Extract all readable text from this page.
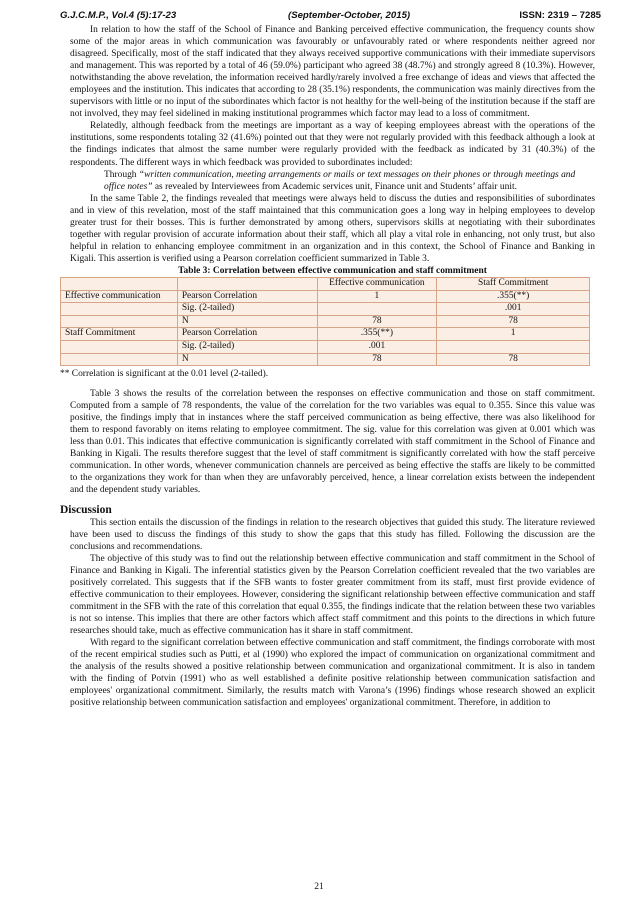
G.J.C.M.P., Vol.4 (5):17-23	(September-October, 2015)	ISSN: 2319 – 7285

In relation to how the staff of the School of Finance and Banking perceived effective communication, the frequency counts show some of the major areas in which communication was favourably or unfavourably rated or where respondents neither agreed nor disagreed. Specifically, most of the staff indicated that they always received supportive communications with their immediate supervisors and management. This was reported by a total of 46 (59.0%) participant who agreed 38 (48.7%) and strongly agreed 8 (10.3%). However, notwithstanding the above revelation, the information received hardly/rarely involved a free exchange of ideas and views that affected the employees and the institution. This indicates that according to 28 (35.1%) respondents, the communication was mainly directives from the supervisors with little or no input of the subordinates which factor is not healthy for the well-being of the institution because if the staff are not involved, they may feel sidelined in making institutional programmes which factor may lead to a loss of commitment.

Relatedly, although feedback from the meetings are important as a way of keeping employees abreast with the operations of the institutions, some respondents totaling 32 (41.6%) pointed out that they were not regularly provided with this feedback although a look at the findings indicates that almost the same number were regularly provided with the feedback as indicated by 31 (40.3%) of the respondents. The different ways in which feedback was provided to subordinates included:

Through “written communication, meeting arrangements or mails or text messages on their phones or through meetings and office notes” as revealed by Interviewees from Academic services unit, Finance unit and Students’ affair unit.

In the same Table 2, the findings revealed that meetings were always held to discuss the duties and responsibilities of subordinates and in view of this revelation, most of the staff maintained that this communication goes a long way in helping employees to develop greater trust for their bosses. This is further demonstrated by among others, supervisors skills at negotiating with their subordinates together with regular provision of accurate information about their staff, which all play a vital role in enhancing, not only trust, but also helpful in relation to enhancing employee commitment in an organization and in this context, the School of Finance and Banking in Kigali. This assertion is verified using a Pearson correlation coefficient summarized in Table 3.

Table 3: Correlation between effective communication and staff commitment
		Effective communication	Staff Commitment
Effective communication	Pearson Correlation	1	.355(**)
	Sig. (2-tailed)		.001
	N	78	78
Staff Commitment	Pearson Correlation	.355(**)	1
	Sig. (2-tailed)	.001	
	N	78	78
** Correlation is significant at the 0.01 level (2-tailed).

Table 3 shows the results of the correlation between the responses on effective communication and those on staff commitment. Computed from a sample of 78 respondents, the value of the correlation for the two variables was equal to 0.355. Since this value was positive, the findings imply that in instances where the staff perceived communication as being effective, there was also likelihood for them to respond favorably on items relating to employee commitment. The sig. value for this correlation was given at 0.001 which was less than 0.01. This indicates that effective communication is significantly correlated with staff commitment in the School of Finance and Banking in Kigali. The results therefore suggest that the level of staff commitment is significantly correlated with how the staff perceive communication. In other words, whenever communication channels are perceived as being effective the staffs are likely to be committed to the organizations they work for than when they are unfavorably perceived, hence, a linear correlation exists between the independent and the dependent study variables.

Discussion

This section entails the discussion of the findings in relation to the research objectives that guided this study. The literature reviewed have been used to discuss the findings of this study to show the gaps that this study has filled. Following the discussion are the conclusions and recommendations.

The objective of this study was to find out the relationship between effective communication and staff commitment in the School of Finance and Banking in Kigali. The inferential statistics given by the Pearson Correlation coefficient revealed that the two variables are positively correlated. This suggests that if the SFB wants to foster greater commitment from its staff, must first provide evidence of effective communication to their employees. However, considering the significant relationship between effective communication and staff commitment in the SFB with the rate of this correlation that equal 0.355, the findings indicate that the relation between these two variables is not so intense. This implies that there are other factors which affect staff commitment and this points to the directions in which future researches should take, much as effective communication has it share in staff commitment.

With regard to the significant correlation between effective communication and staff commitment, the findings corroborate with most of the recent empirical studies such as Putti, et al (1990) who explored the impact of communication on organizational commitment and the analysis of the results showed a positive relationship between communication and organizational commitment. It is also in tandem with the finding of Potvin (1991) who as well established a definite positive relationship between communication satisfaction and employees' organizational commitment. Similarly, the results match with Varona’s (1996) findings whose research showed an explicit positive relationship between communication satisfaction and employees' organizational commitment. Therefore, in addition to

21
